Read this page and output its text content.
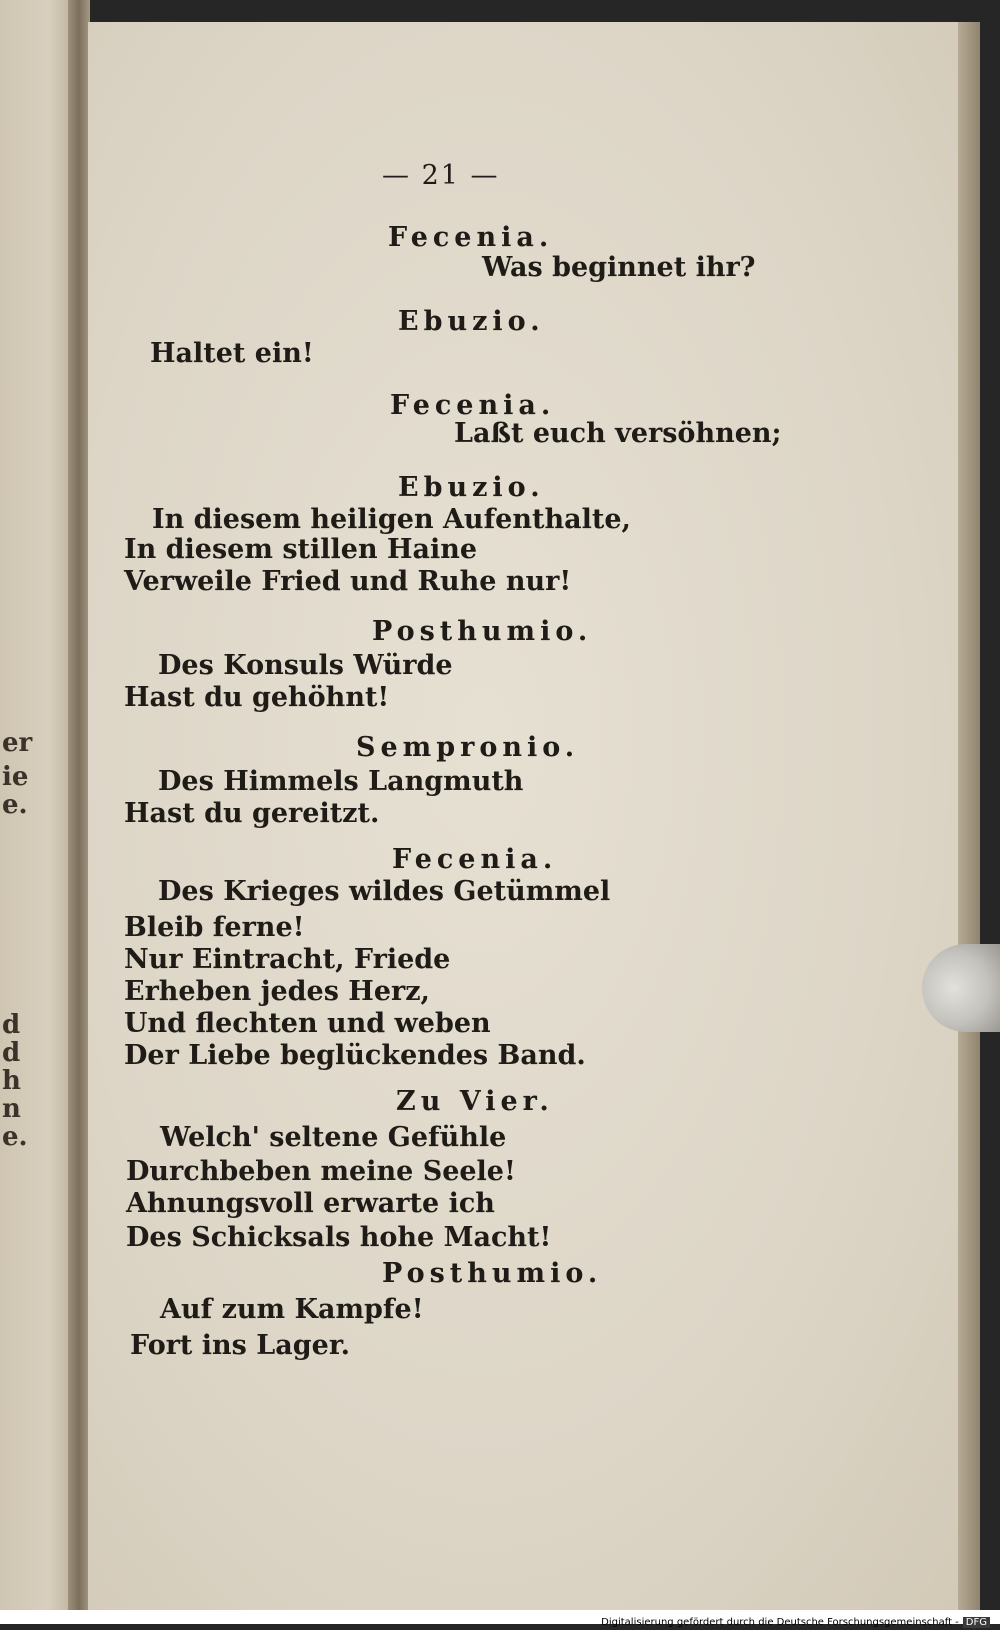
er
ie
e.
d
d
h
n
e.
— 21 —
Fecenia.
Was beginnet ihr?
Ebuzio.
Haltet ein!
Fecenia.
Laßt euch versöhnen;
Ebuzio.
In diesem heiligen Aufenthalte,
In diesem stillen Haine
Verweile Fried und Ruhe nur!
Posthumio.
Des Konsuls Würde
Hast du gehöhnt!
Sempronio.
Des Himmels Langmuth
Hast du gereitzt.
Fecenia.
Des Krieges wildes Getümmel
Bleib ferne!
Nur Eintracht, Friede
Erheben jedes Herz,
Und flechten und weben
Der Liebe beglückendes Band.
Zu Vier.
Welch' seltene Gefühle
Durchbeben meine Seele!
Ahnungsvoll erwarte ich
Des Schicksals hohe Macht!
Posthumio.
Auf zum Kampfe!
Fort ins Lager.
Digitalisierung gefördert durch die Deutsche Forschungsgemeinschaft - DFG
